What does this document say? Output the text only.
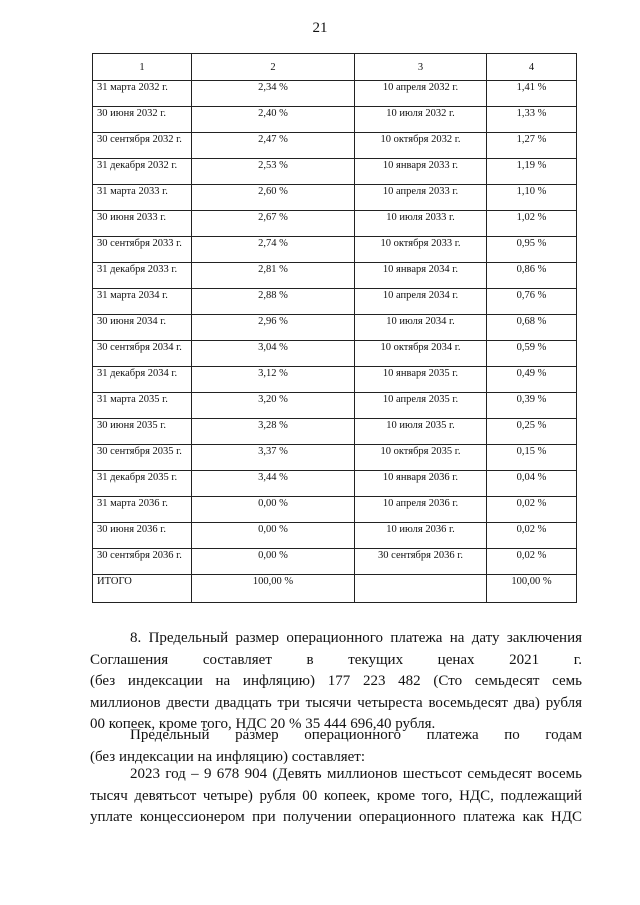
21
1	2	3	4
31 марта 2032 г.	2,34 %	10 апреля 2032 г.	1,41 %
30 июня 2032 г.	2,40 %	10 июля 2032 г.	1,33 %
30 сентября 2032 г.	2,47 %	10 октября 2032 г.	1,27 %
31 декабря 2032 г.	2,53 %	10 января 2033 г.	1,19 %
31 марта 2033 г.	2,60 %	10 апреля 2033 г.	1,10 %
30 июня 2033 г.	2,67 %	10 июля 2033 г.	1,02 %
30 сентября 2033 г.	2,74 %	10 октября 2033 г.	0,95 %
31 декабря 2033 г.	2,81 %	10 января 2034 г.	0,86 %
31 марта 2034 г.	2,88 %	10 апреля 2034 г.	0,76 %
30 июня 2034 г.	2,96 %	10 июля 2034 г.	0,68 %
30 сентября 2034 г.	3,04 %	10 октября 2034 г.	0,59 %
31 декабря 2034 г.	3,12 %	10 января 2035 г.	0,49 %
31 марта 2035 г.	3,20 %	10 апреля 2035 г.	0,39 %
30 июня 2035 г.	3,28 %	10 июля 2035 г.	0,25 %
30 сентября 2035 г.	3,37 %	10 октября 2035 г.	0,15 %
31 декабря 2035 г.	3,44 %	10 января 2036 г.	0,04 %
31 марта 2036 г.	0,00 %	10 апреля 2036 г.	0,02 %
30 июня 2036 г.	0,00 %	10 июля 2036 г.	0,02 %
30 сентября 2036 г.	0,00 %	30 сентября 2036 г.	0,02 %
ИТОГО	100,00 %		100,00 %
8. Предельный размер операционного платежа на дату заключения
Соглашения составляет в текущих ценах 2021 г.
(без индексации на инфляцию) 177 223 482 (Сто семьдесят семь
миллионов двести двадцать три тысячи четыреста восемьдесят два) рубля
00 копеек, кроме того, НДС 20 % 35 444 696,40 рубля.
Предельный размер операционного платежа по годам
(без индексации на инфляцию) составляет:
2023 год – 9 678 904 (Девять миллионов шестьсот семьдесят восемь
тысяч девятьсот четыре) рубля 00 копеек, кроме того, НДС, подлежащий
уплате концессионером при получении операционного платежа как НДС
